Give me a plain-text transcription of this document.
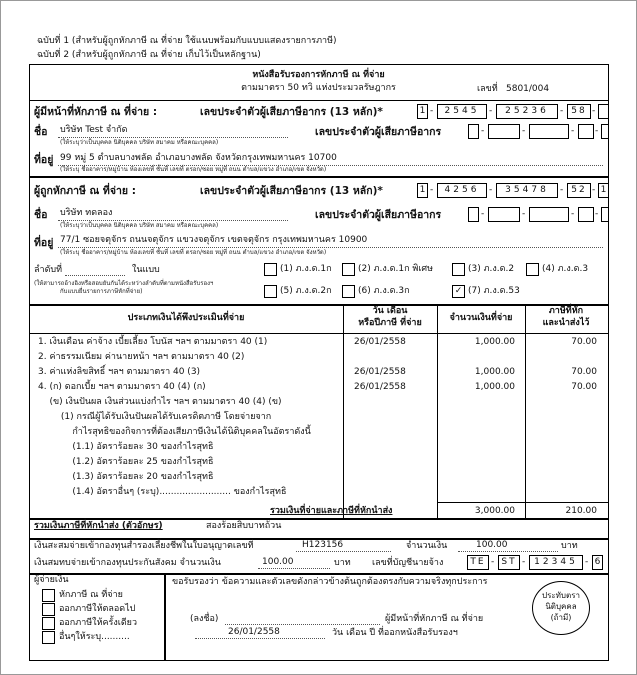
ฉบับที่ 1 (สำหรับผู้ถูกหักภาษี ณ ที่จ่าย ใช้แนบพร้อมกับแบบแสดงรายการภาษี)
ฉบับที่ 2 (สำหรับผู้ถูกหักภาษี ณ ที่จ่าย เก็บไว้เป็นหลักฐาน)
หนังสือรับรองการหักภาษี ณ ที่จ่าย
ตามมาตรา 50 ทวิ แห่งประมวลรัษฎากร	เลขที่ 5801/004
ผู้มีหน้าที่หักภาษี ณ ที่จ่าย :	เลขประจำตัวผู้เสียภาษีอากร (13 หลัก)*	1 -	2545	-	25236	- 58 -
ชื่อ บริษัท Test จำกัด
(ให้ระบุว่าเป็นบุคคล นิติบุคคล บริษัท สมาคม หรือคณะบุคคล)
เลขประจำตัวผู้เสียภาษีอากร	-	-	- -
ที่อยู่ 99 หมู่ 5 ตำบลบางพลัด อำเภอบางพลัด จังหวัดกรุงเทพมหานคร 10700
(ให้ระบุ ชื่ออาคาร/หมู่บ้าน ห้องเลขที่ ชั้นที่ เลขที่ ตรอก/ซอย หมู่ที่ ถนน ตำบล/แขวง อำเภอ/เขต จังหวัด)
ผู้ถูกหักภาษี ณ ที่จ่าย :	เลขประจำตัวผู้เสียภาษีอากร (13 หลัก)*	1 -	4256	-	35478	- 52 - 1
ชื่อ บริษัท ทดลอง
(ให้ระบุว่าเป็นบุคคล นิติบุคคล บริษัท สมาคม หรือคณะบุคคล)
เลขประจำตัวผู้เสียภาษีอากร	-	-	- -
ที่อยู่ 77/1 ซอยจตุจักร ถนนจตุจักร แขวงจตุจักร เขตจตุจักร กรุงเทพมหานคร 10900
(ให้ระบุ ชื่ออาคาร/หมู่บ้าน ห้องเลขที่ ชั้นที่ เลขที่ ตรอก/ซอย หมู่ที่ ถนน ตำบล/แขวง อำเภอ/เขต จังหวัด)
ลำดับที่	ในแบบ
(ให้สามารถอ้างอิงหรือสอบยันกันได้ระหว่างลำดับที่ตามหนังสือรับรองฯ
กับแบบยื่นรายการภาษีหักที่จ่าย)
(1) ภ.ง.ด.1ก	(2) ภ.ง.ด.1ก พิเศษ	(3) ภ.ง.ด.2	(4) ภ.ง.ด.3
(5) ภ.ง.ด.2ก	(6) ภ.ง.ด.3ก	✓ (7) ภ.ง.ด.53
ประเภทเงินได้พึงประเมินที่จ่าย
วัน เดือน
หรือปีภาษี ที่จ่าย	จำนวนเงินที่จ่าย
ภาษีที่หัก
และนำส่งไว้
1. เงินเดือน ค่าจ้าง เบี้ยเลี้ยง โบนัส ฯลฯ ตามมาตรา 40 (1)	26/01/2558	1,000.00	70.00
2. ค่าธรรมเนียม ค่านายหน้า ฯลฯ ตามมาตรา 40 (2)
3. ค่าแห่งลิขสิทธิ์ ฯลฯ ตามมาตรา 40 (3)	26/01/2558	1,000.00	70.00
4. (ก) ดอกเบี้ย ฯลฯ ตามมาตรา 40 (4) (ก)	26/01/2558	1,000.00	70.00
(ข) เงินปันผล เงินส่วนแบ่งกำไร ฯลฯ ตามมาตรา 40 (4) (ข)
(1) กรณีผู้ได้รับเงินปันผลได้รับเครดิตภาษี โดยจ่ายจาก
กำไรสุทธิของกิจการที่ต้องเสียภาษีเงินได้นิติบุคคลในอัตราดังนี้
(1.1) อัตราร้อยละ 30 ของกำไรสุทธิ
(1.2) อัตราร้อยละ 25 ของกำไรสุทธิ
(1.3) อัตราร้อยละ 20 ของกำไรสุทธิ
(1.4) อัตราอื่นๆ (ระบุ)......................... ของกำไรสุทธิ
รวมเงินที่จ่ายและภาษีที่หักนำส่ง	3,000.00	210.00
รวมเงินภาษีที่หักนำส่ง (ตัวอักษร)	สองร้อยสิบบาทถ้วน
เงินสะสมจ่ายเข้ากองทุนสำรองเลี้ยงชีพในใบอนุญาตเลขที่	H123156	จำนวนเงิน	100.00	บาท
เงินสมทบจ่ายเข้ากองทุนประกันสังคม จำนวนเงิน	100.00	บาท เลขที่บัญชีนายจ้าง	TE - ST - 12345 - 6
ผู้จ่ายเงิน
หักภาษี ณ ที่จ่าย
ออกภาษีให้ตลอดไป
ออกภาษีให้ครั้งเดียว
อื่นๆให้ระบุ..........
ขอรับรองว่า ข้อความและตัวเลขดังกล่าวข้างต้นถูกต้องตรงกับความจริงทุกประการ
(ลงชื่อ)	ผู้มีหน้าที่หักภาษี ณ ที่จ่าย
26/01/2558	วัน เดือน ปี ที่ออกหนังสือรับรองฯ
ประทับตรา
นิติบุคคล
(ถ้ามี)
